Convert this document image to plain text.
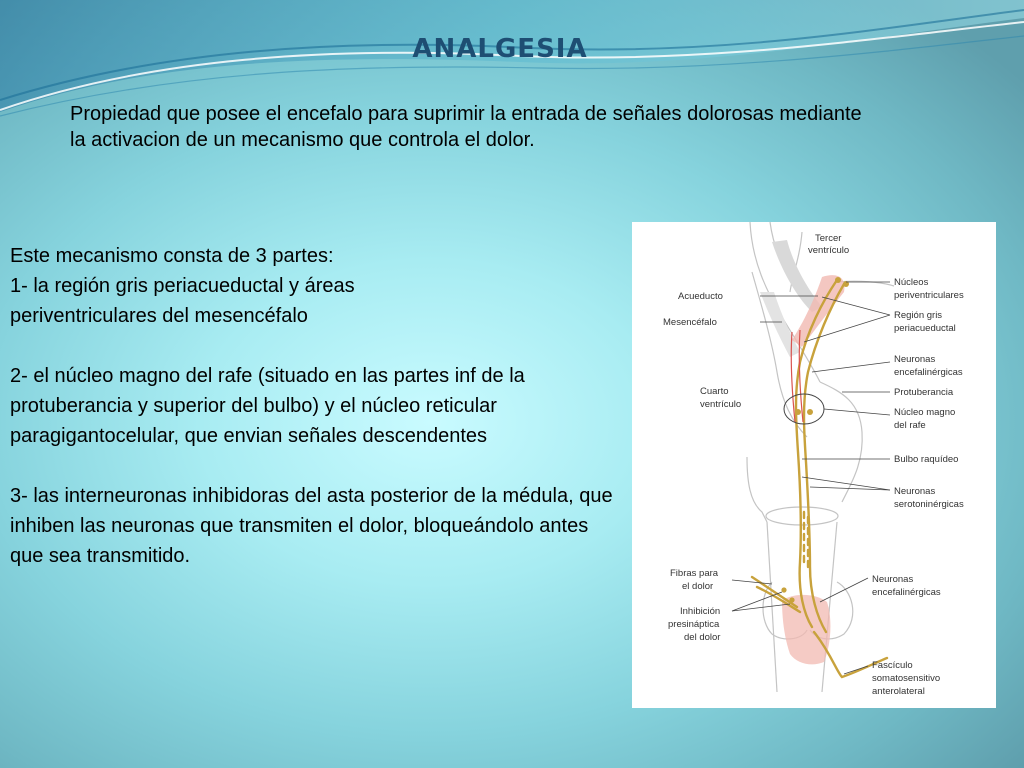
ANALGESIA
Propiedad que posee el encefalo para suprimir la entrada de señales dolorosas mediante la activacion de un mecanismo que controla el dolor.

Este mecanismo consta de 3 partes:
1- la región gris periacueductal y áreas
periventriculares del mesencéfalo

2- el núcleo magno del rafe (situado en las partes inf de la protuberancia y superior del bulbo) y el núcleo reticular paragigantocelular, que envian señales descendentes

3- las interneuronas inhibidoras del asta posterior de la médula, que inhiben las neuronas que transmiten el dolor, bloqueándolo antes que sea transmitido.

Tercer
ventrículo
Acueducto
Mesencéfalo
Cuarto
ventrículo
Núcleos
periventriculares
Región gris
periacueductal
Neuronas
encefalinérgicas
Protuberancia
Núcleo magno
del rafe
Bulbo raquídeo
Neuronas
serotoninérgicas
Fibras para
el dolor
Inhibición
presináptica
del dolor
Neuronas
encefalinérgicas
Fascículo
somatosensitivo
anterolateral
